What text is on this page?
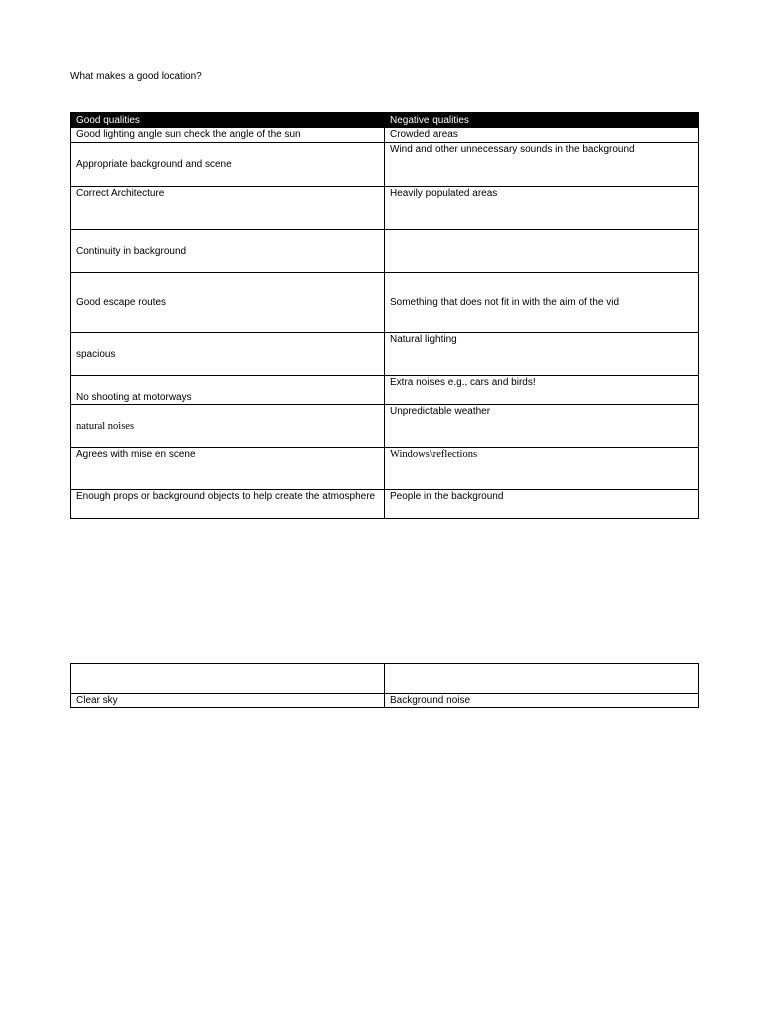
What makes a good location?
Good qualities	Negative qualities
Good lighting angle sun check the angle of the sun	Crowded areas
Appropriate background and scene	Wind and other unnecessary sounds in the background
Correct Architecture	Heavily populated areas
Continuity in background	
Good escape routes	Something that does not fit in with the aim of the vid
spacious	Natural lighting
No shooting at motorways	Extra noises e.g., cars and birds!
natural noises	Unpredictable weather
Agrees with mise en scene	Windows\reflections
Enough props or background objects to help create the atmosphere	People in the background

Clear sky	Background noise
